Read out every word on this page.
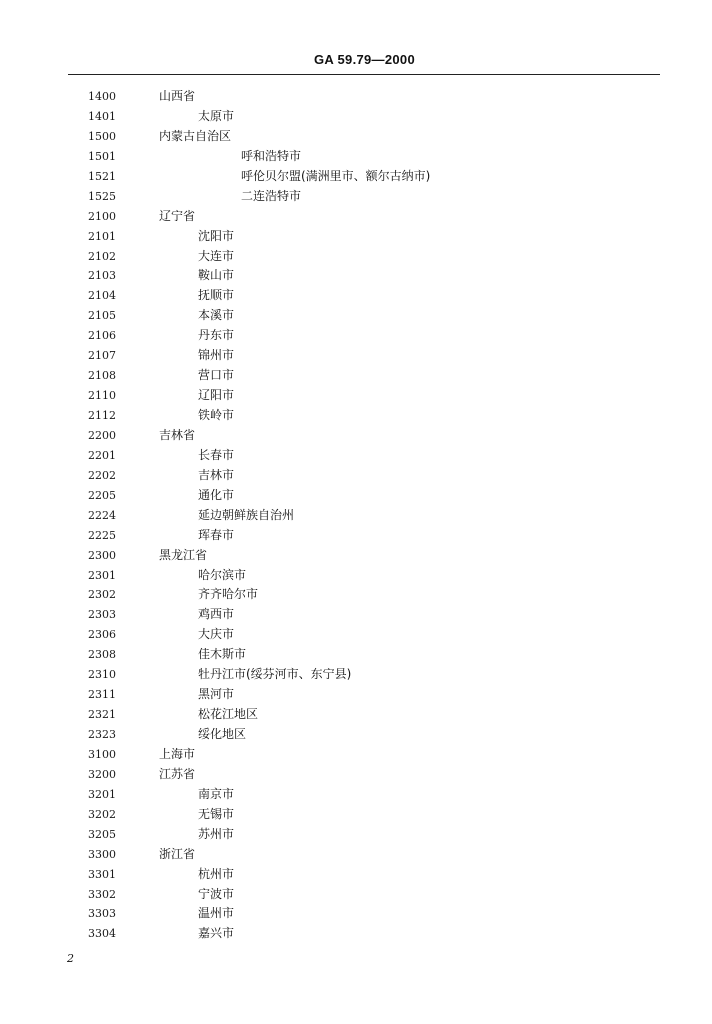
GA 59.79—2000
1400	山西省
1401	太原市
1500	内蒙古自治区
1501	呼和浩特市
1521	呼伦贝尔盟(满洲里市、额尔古纳市)
1525	二连浩特市
2100	辽宁省
2101	沈阳市
2102	大连市
2103	鞍山市
2104	抚顺市
2105	本溪市
2106	丹东市
2107	锦州市
2108	营口市
2110	辽阳市
2112	铁岭市
2200	吉林省
2201	长春市
2202	吉林市
2205	通化市
2224	延边朝鲜族自治州
2225	珲春市
2300	黑龙江省
2301	哈尔滨市
2302	齐齐哈尔市
2303	鸡西市
2306	大庆市
2308	佳木斯市
2310	牡丹江市(绥芬河市、东宁县)
2311	黑河市
2321	松花江地区
2323	绥化地区
3100	上海市
3200	江苏省
3201	南京市
3202	无锡市
3205	苏州市
3300	浙江省
3301	杭州市
3302	宁波市
3303	温州市
3304	嘉兴市
2
